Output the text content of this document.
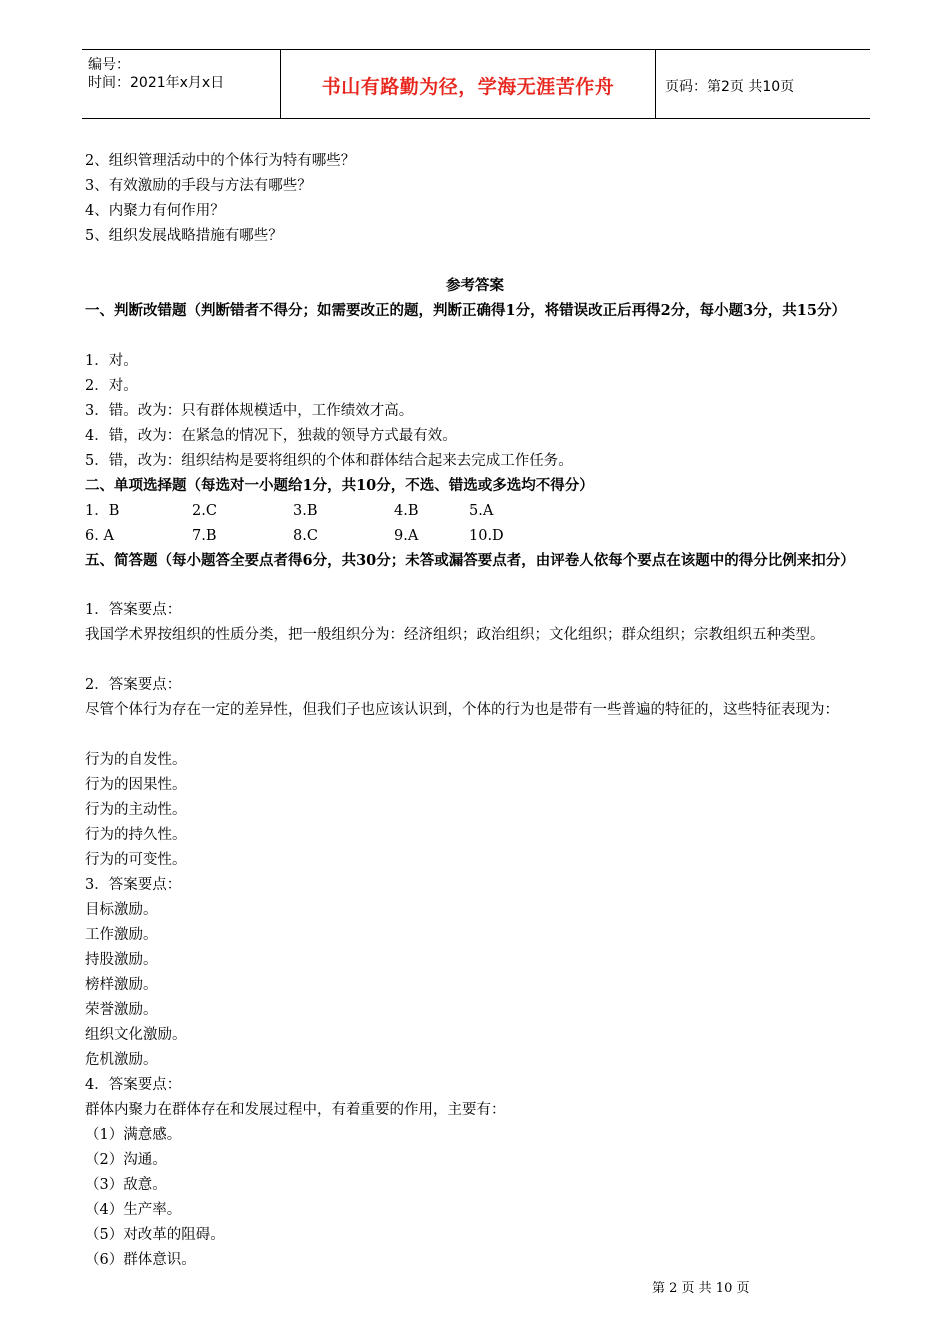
编号：
时间：2021年x月x日	书山有路勤为径，学海无涯苦作舟	页码：第2页 共10页
2、组织管理活动中的个体行为特有哪些？
3、有效激励的手段与方法有哪些？
4、内聚力有何作用？
5、组织发展战略措施有哪些？
参考答案
一、判断改错题（判断错者不得分；如需要改正的题，判断正确得1分，将错误改正后再得2分，每小题3分，共15分）
1．对。
2．对。
3．错。改为：只有群体规模适中，工作绩效才高。
4．错，改为：在紧急的情况下，独裁的领导方式最有效。
5．错，改为：组织结构是要将组织的个体和群体结合起来去完成工作任务。
二、单项选择题（每选对一小题给1分，共10分，不选、错选或多选均不得分）
1．B	2.C	3.B	4.B	5.A
6. A	7.B	8.C	9.A	10.D
五、简答题（每小题答全要点者得6分，共30分；未答或漏答要点者，由评卷人依每个要点在该题中的得分比例来扣分）
1．答案要点：
我国学术界按组织的性质分类，把一般组织分为：经济组织；政治组织；文化组织；群众组织；宗教组织五种类型。
2．答案要点：
尽管个体行为存在一定的差异性，但我们子也应该认识到，个体的行为也是带有一些普遍的特征的，这些特征表现为：
行为的自发性。
行为的因果性。
行为的主动性。
行为的持久性。
行为的可变性。
3．答案要点：
目标激励。
工作激励。
持股激励。
榜样激励。
荣誉激励。
组织文化激励。
危机激励。
4．答案要点：
群体内聚力在群体存在和发展过程中，有着重要的作用，主要有：
（1）满意感。
（2）沟通。
（3）敌意。
（4）生产率。
（5）对改革的阻碍。
（6）群体意识。
第 2 页 共 10 页
